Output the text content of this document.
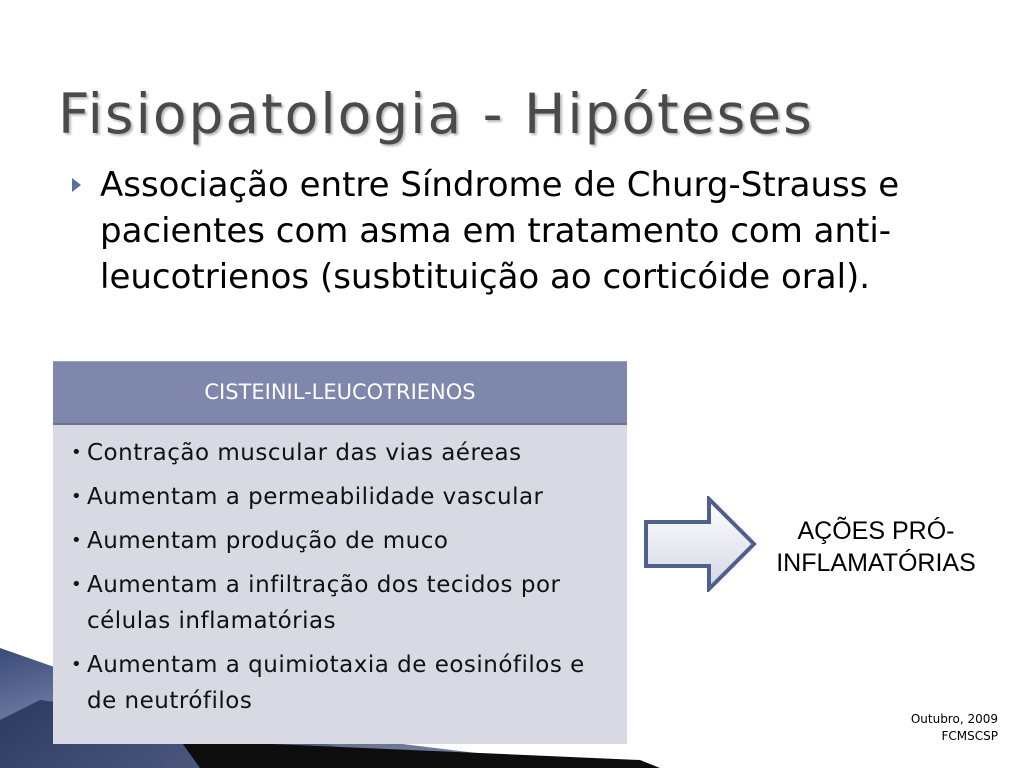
Fisiopatologia - Hipóteses
Associação entre Síndrome de Churg-Strauss e pacientes com asma em tratamento com anti-leucotrienos (susbtituição ao corticóide oral).
CISTEINIL-LEUCOTRIENOS
• Contração muscular das vias aéreas
• Aumentam a permeabilidade vascular
• Aumentam produção de muco
• Aumentam a infiltração dos tecidos por células inflamatórias
• Aumentam a quimiotaxia de eosinófilos e de neutrófilos
AÇÕES PRÓ-
INFLAMATÓRIAS
Outubro, 2009
FCMSCSP
